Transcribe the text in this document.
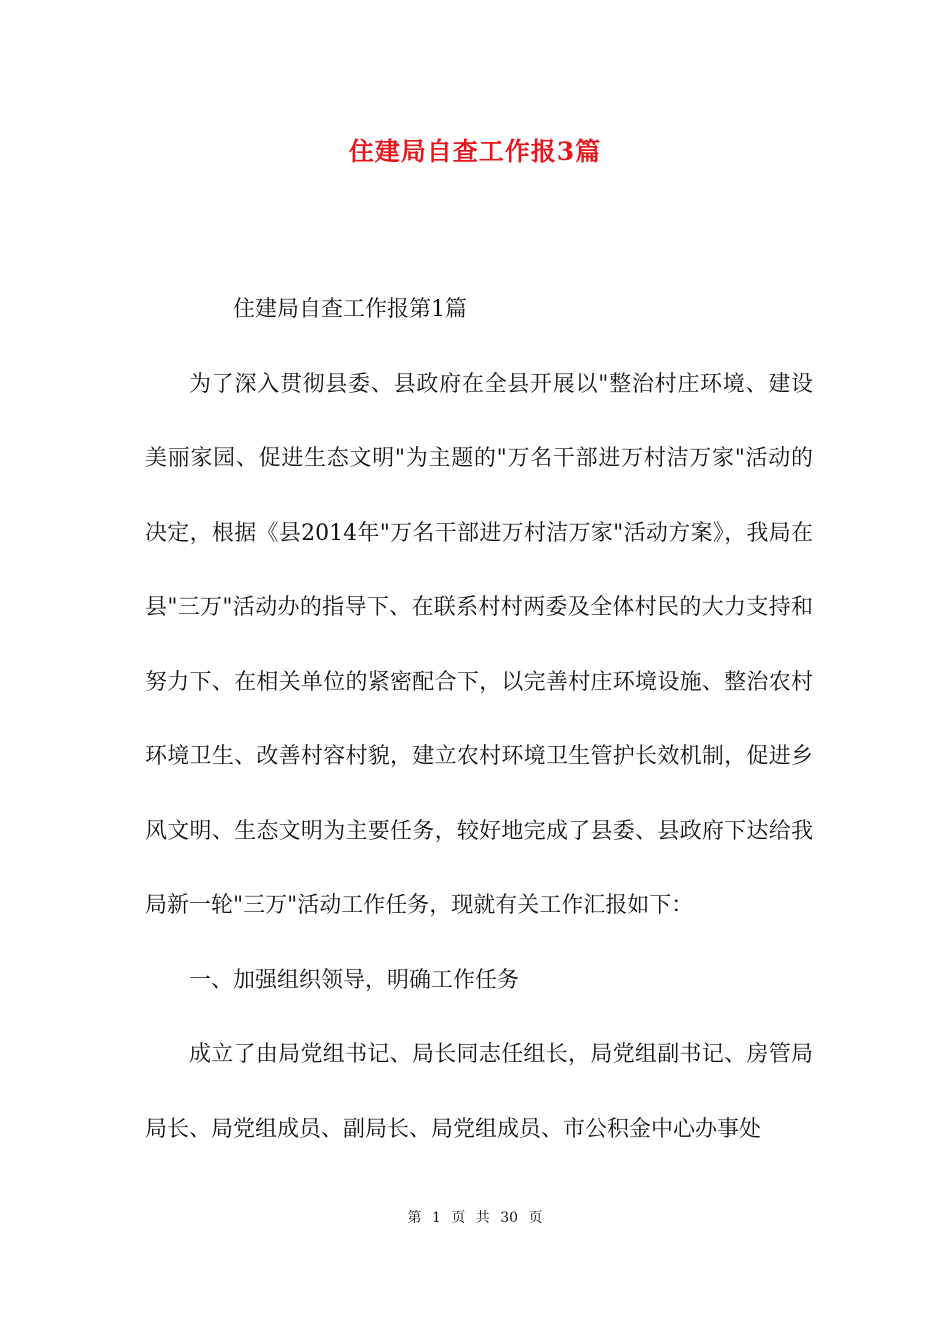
住建局自查工作报3篇

住建局自查工作报第1篇

为了深入贯彻县委、县政府在全县开展以"整治村庄环境、建设美丽家园、促进生态文明"为主题的"万名干部进万村洁万家"活动的决定，根据《县2014年"万名干部进万村洁万家"活动方案》，我局在县"三万"活动办的指导下、在联系村村两委及全体村民的大力支持和努力下、在相关单位的紧密配合下，以完善村庄环境设施、整治农村环境卫生、改善村容村貌，建立农村环境卫生管护长效机制，促进乡风文明、生态文明为主要任务，较好地完成了县委、县政府下达给我局新一轮"三万"活动工作任务，现就有关工作汇报如下：

一、加强组织领导，明确工作任务

成立了由局党组书记、局长同志任组长，局党组副书记、房管局局长、局党组成员、副局长、局党组成员、市公积金中心办事处

第 1 页 共 30 页
